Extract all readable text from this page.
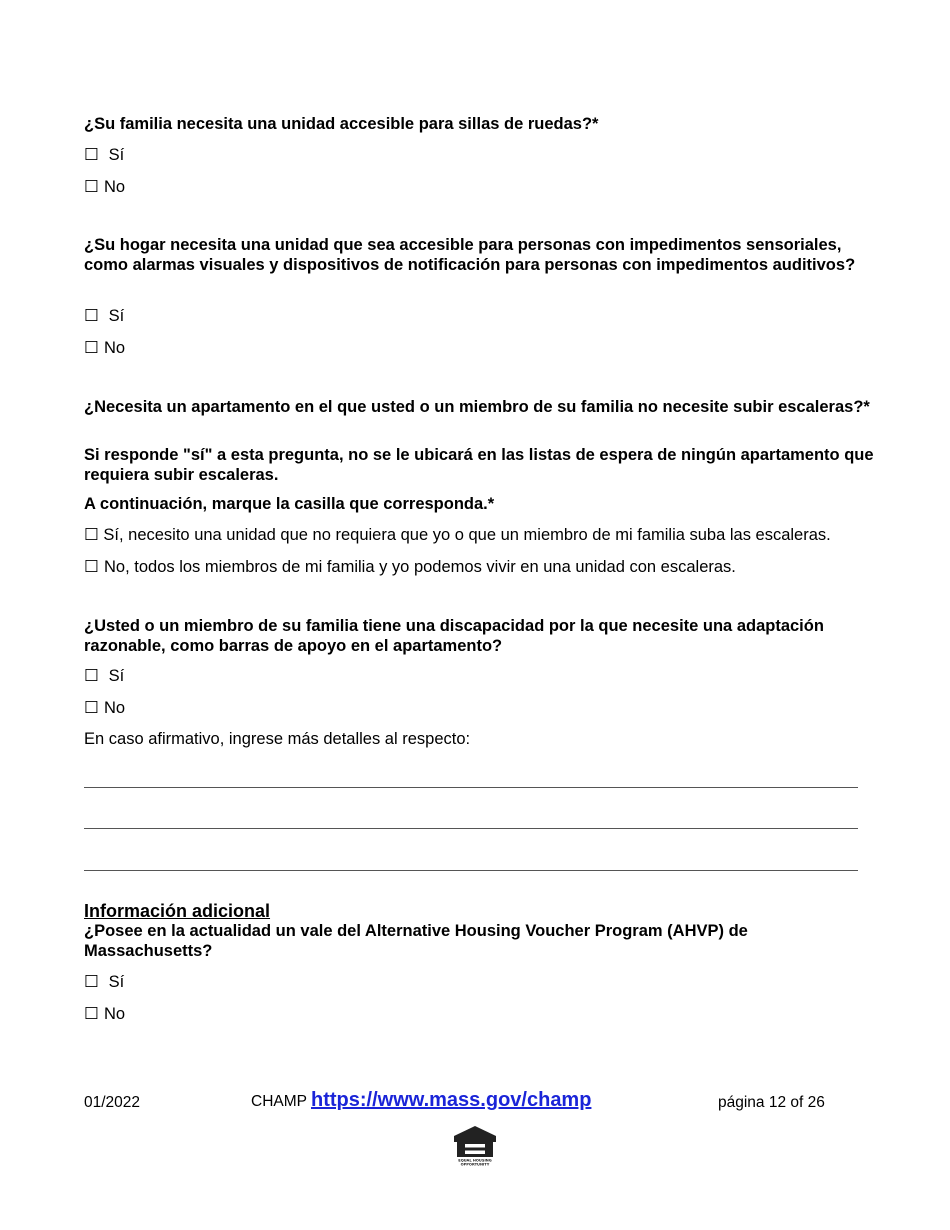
¿Su familia necesita una unidad accesible para sillas de ruedas?*

☐ Sí
☐ No

¿Su hogar necesita una unidad que sea accesible para personas con impedimentos sensoriales, como alarmas visuales y dispositivos de notificación para personas con impedimentos auditivos?

☐ Sí
☐ No

¿Necesita un apartamento en el que usted o un miembro de su familia no necesite subir escaleras?*

Si responde "sí" a esta pregunta, no se le ubicará en las listas de espera de ningún apartamento que requiera subir escaleras.

A continuación, marque la casilla que corresponda.*

☐ Sí, necesito una unidad que no requiera que yo o que un miembro de mi familia suba las escaleras.
☐ No, todos los miembros de mi familia y yo podemos vivir en una unidad con escaleras.

¿Usted o un miembro de su familia tiene una discapacidad por la que necesite una adaptación razonable, como barras de apoyo en el apartamento?

☐ Sí
☐ No
En caso afirmativo, ingrese más detalles al respecto:
Información adicional

¿Posee en la actualidad un vale del Alternative Housing Voucher Program (AHVP) de Massachusetts?

☐ Sí
☐ No
01/2022	CHAMP https://www.mass.gov/champ	página 12 of 26
EQUAL HOUSING
OPPORTUNITY
